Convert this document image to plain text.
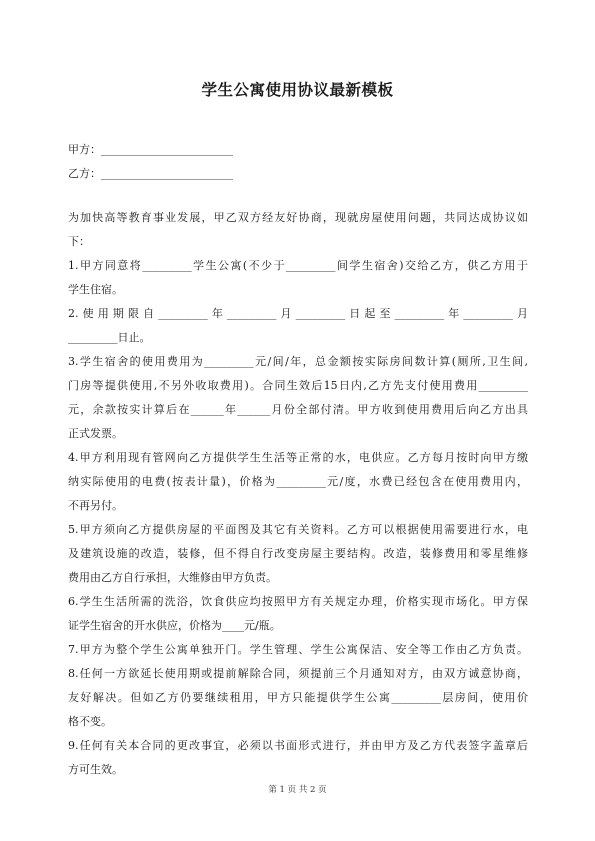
学生公寓使用协议最新模板
甲方：________________________
乙方：________________________
为加快高等教育事业发展，甲乙双方经友好协商，现就房屋使用问题，共同达成协议如
下：
1.甲方同意将_________学生公寓(不少于_________间学生宿舍)交给乙方，供乙方用于
学生住宿。
2.使用期限自_________年_________月_________日起至_________年_________月
_________日止。
3.学生宿舍的使用费用为_________元/间/年，总金额按实际房间数计算(厕所,卫生间,
门房等提供使用,不另外收取费用)。合同生效后15日内,乙方先支付使用费用_________
元，余款按实计算后在______年______月份全部付清。甲方收到使用费用后向乙方出具
正式发票。
4.甲方利用现有管网向乙方提供学生生活等正常的水，电供应。乙方每月按时向甲方缴
纳实际使用的电费(按表计量)，价格为_________元/度，水费已经包含在使用费用内，
不再另付。
5.甲方须向乙方提供房屋的平面图及其它有关资料。乙方可以根据使用需要进行水，电
及建筑设施的改造，装修，但不得自行改变房屋主要结构。改造，装修费用和零星维修
费用由乙方自行承担，大维修由甲方负责。
6.学生生活所需的洗浴，饮食供应均按照甲方有关规定办理，价格实现市场化。甲方保
证学生宿舍的开水供应，价格为____元/瓶。
7.甲方为整个学生公寓单独开门。学生管理、学生公寓保洁、安全等工作由乙方负责。
8.任何一方欲延长使用期或提前解除合同，须提前三个月通知对方，由双方诚意协商，
友好解决。但如乙方仍要继续租用，甲方只能提供学生公寓_________层房间，使用价
格不变。
9.任何有关本合同的更改事宜，必须以书面形式进行，并由甲方及乙方代表签字盖章后
方可生效。
第 1 页 共 2 页
